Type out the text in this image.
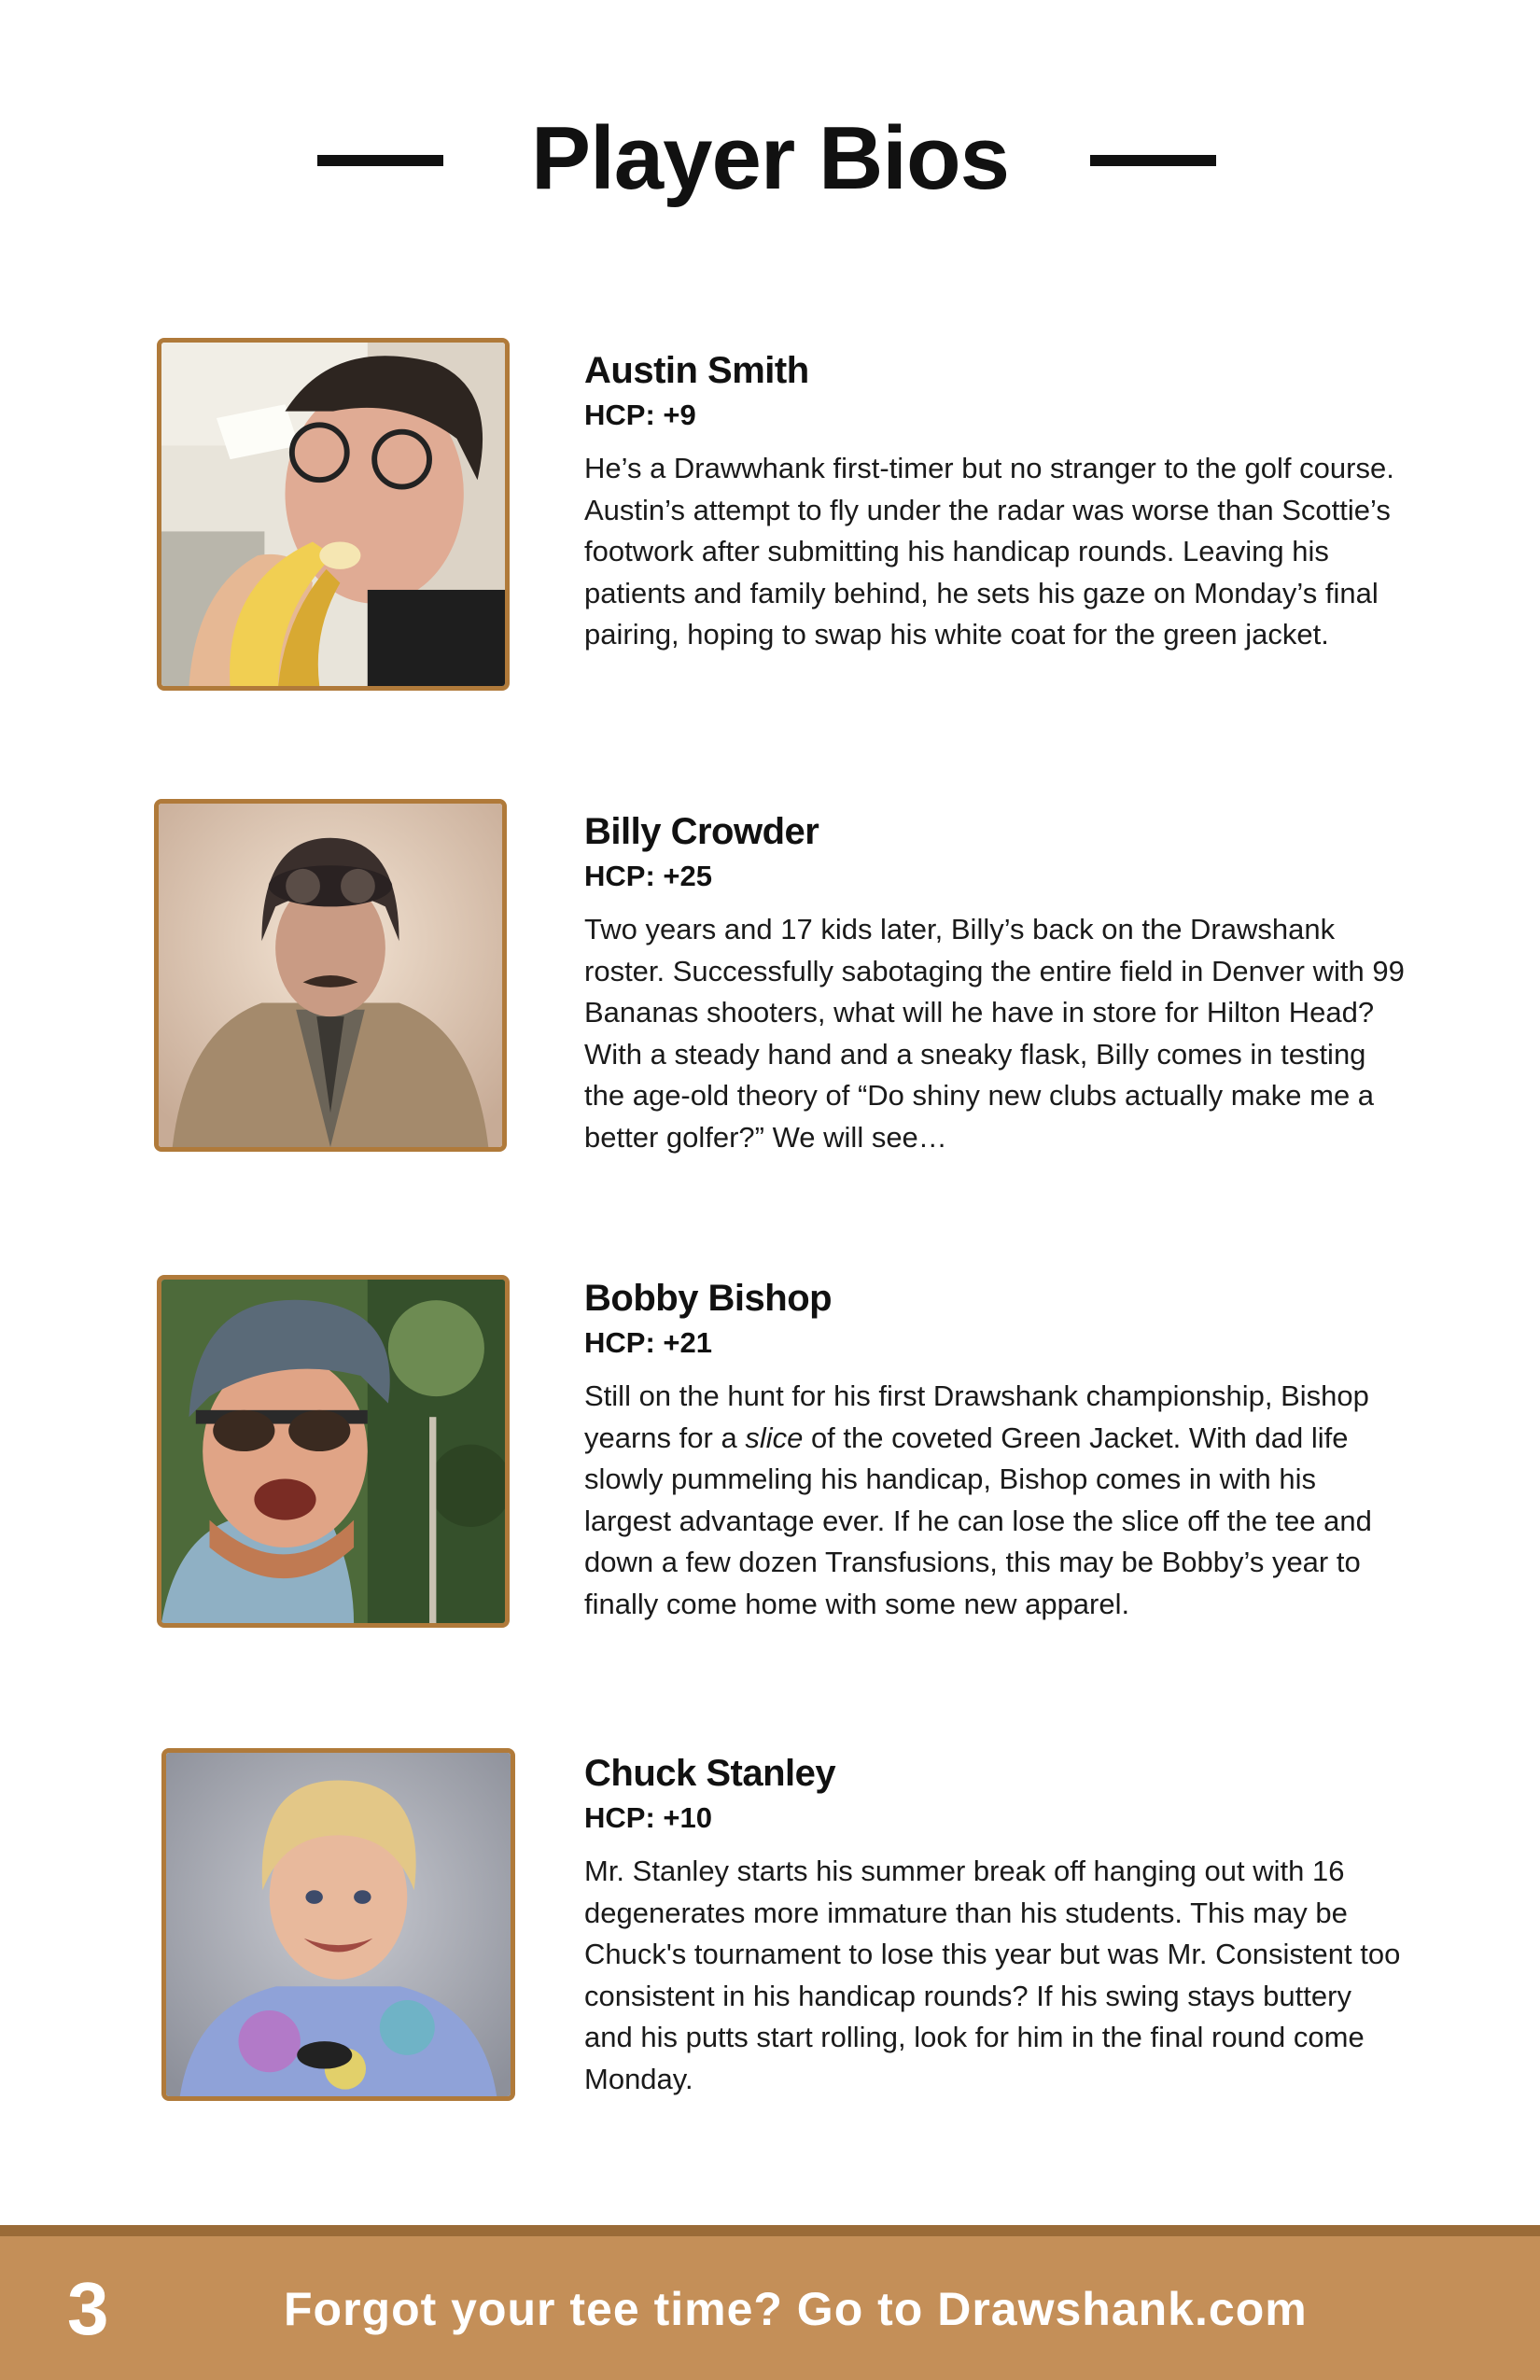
Player Bios

Austin Smith

HCP: +9

He’s a Drawwhank first-timer but no stranger to the golf course. Austin’s attempt to fly under the radar was worse than Scottie’s footwork after submitting his handicap rounds. Leaving his patients and family behind, he sets his gaze on Monday’s final pairing, hoping to swap his white coat for the green jacket.

Billy Crowder

HCP: +25

Two years and 17 kids later, Billy’s back on the Drawshank roster. Successfully sabotaging the entire field in Denver with 99 Bananas shooters, what will he have in store for Hilton Head? With a steady hand and a sneaky flask, Billy comes in testing the age-old theory of “Do shiny new clubs actually make me a better golfer?” We will see…

Bobby Bishop

HCP: +21

Still on the hunt for his first Drawshank championship, Bishop yearns for a slice of the coveted Green Jacket. With dad life slowly pummeling his handicap, Bishop comes in with his largest advantage ever. If he can lose the slice off the tee and down a few dozen Transfusions, this may be Bobby’s year to finally come home with some new apparel.

Chuck Stanley

HCP: +10

Mr. Stanley starts his summer break off hanging out with 16 degenerates more immature than his students. This may be Chuck's tournament to lose this year but was Mr. Consistent too consistent in his handicap rounds? If his swing stays buttery and his putts start rolling, look for him in the final round come Monday.

3	Forgot your tee time? Go to Drawshank.com
